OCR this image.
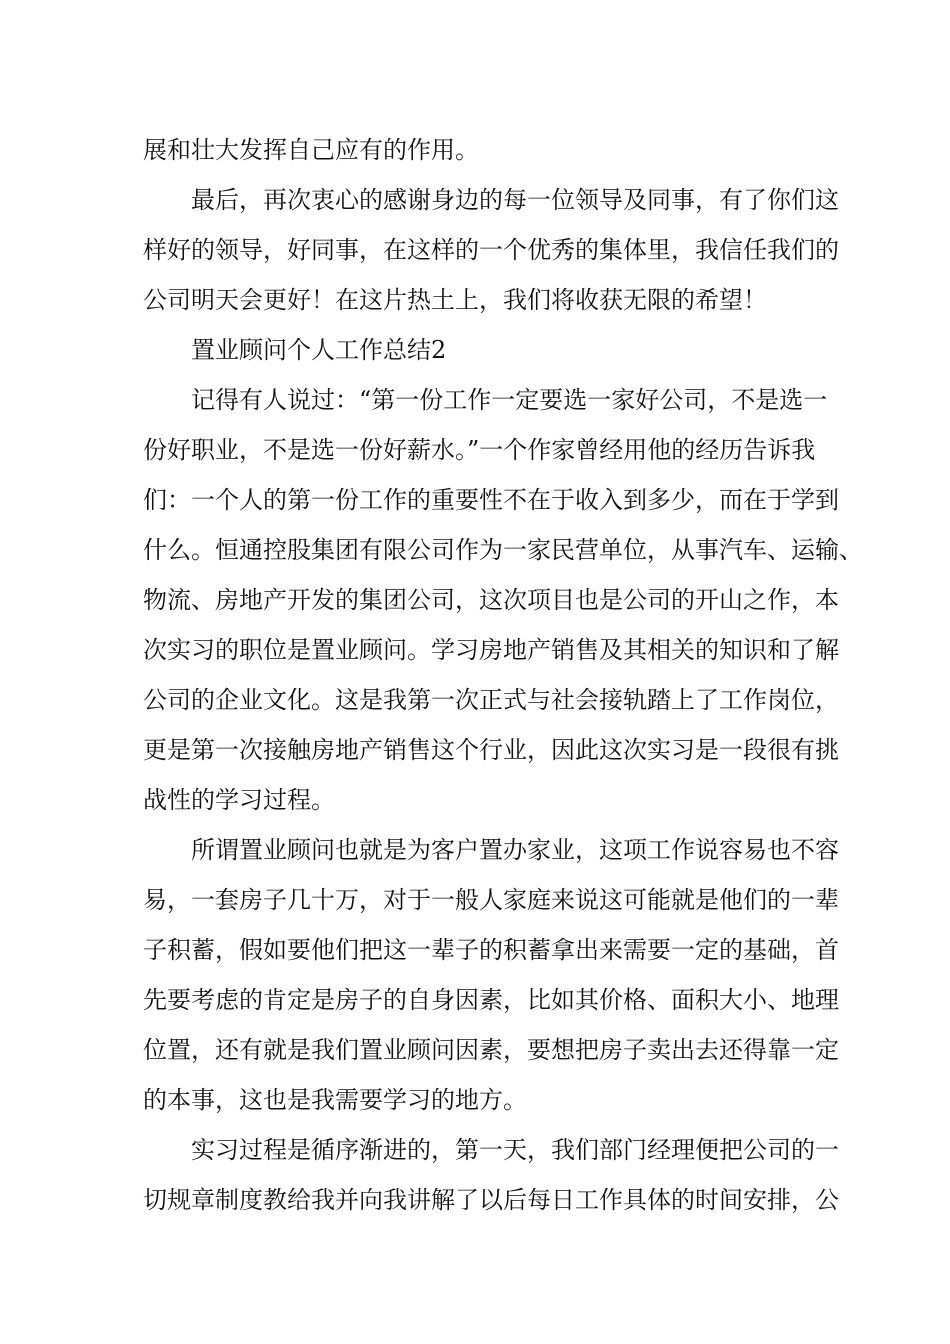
展和壮大发挥自己应有的作用。
最后，再次衷心的感谢身边的每一位领导及同事，有了你们这
样好的领导，好同事，在这样的一个优秀的集体里，我信任我们的
公司明天会更好！在这片热土上，我们将收获无限的希望！
置业顾问个人工作总结2
记得有人说过：“第一份工作一定要选一家好公司，不是选一
份好职业，不是选一份好薪水。”一个作家曾经用他的经历告诉我
们：一个人的第一份工作的重要性不在于收入到多少，而在于学到
什么。恒通控股集团有限公司作为一家民营单位，从事汽车、运输、
物流、房地产开发的集团公司，这次项目也是公司的开山之作，本
次实习的职位是置业顾问。学习房地产销售及其相关的知识和了解
公司的企业文化。这是我第一次正式与社会接轨踏上了工作岗位，
更是第一次接触房地产销售这个行业，因此这次实习是一段很有挑
战性的学习过程。
所谓置业顾问也就是为客户置办家业，这项工作说容易也不容
易，一套房子几十万，对于一般人家庭来说这可能就是他们的一辈
子积蓄，假如要他们把这一辈子的积蓄拿出来需要一定的基础，首
先要考虑的肯定是房子的自身因素，比如其价格、面积大小、地理
位置，还有就是我们置业顾问因素，要想把房子卖出去还得靠一定
的本事，这也是我需要学习的地方。
实习过程是循序渐进的，第一天，我们部门经理便把公司的一
切规章制度教给我并向我讲解了以后每日工作具体的时间安排，公
